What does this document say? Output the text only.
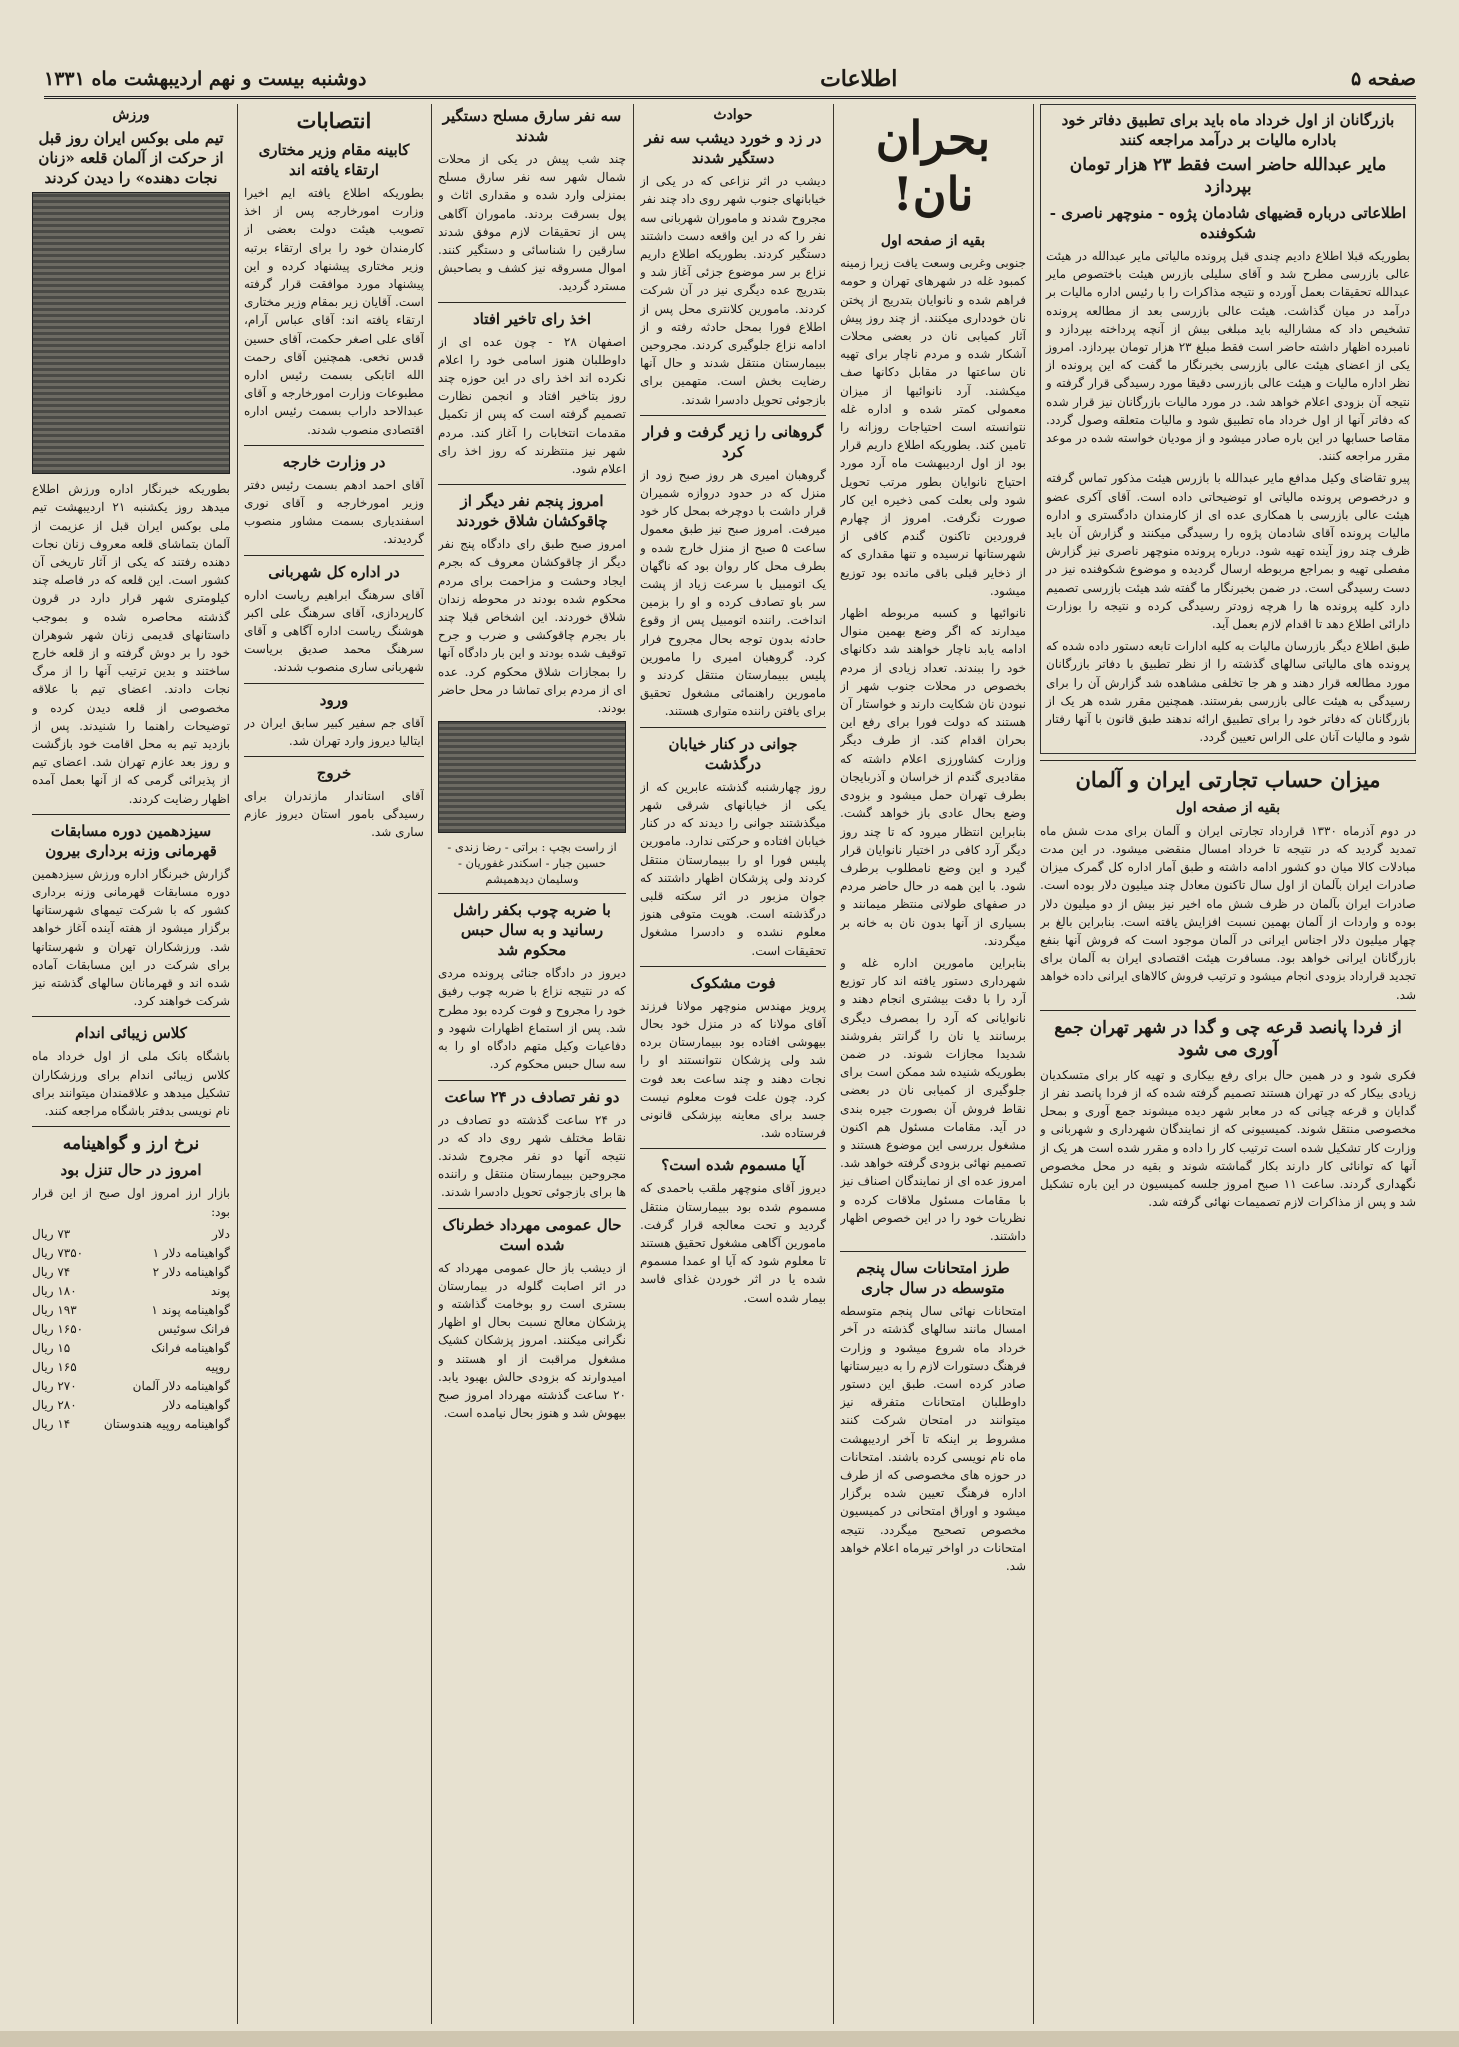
صفحه ۵
اطلاعات
دوشنبه بیست و نهم اردیبهشت ماه ۱۳۳۱
بازرگانان از اول خرداد ماه باید برای تطبیق دفاتر خود باداره مالیات بر درآمد مراجعه کنند
مایر عبدالله حاضر است فقط ۲۳ هزار تومان بپردازد
اطلاعاتی درباره قضیهای شادمان پژوه - منوچهر ناصری - شکوفنده

بطوریکه قبلا اطلاع دادیم چندی قبل پرونده مالیاتی مایر عبدالله در هیئت عالی بازرسی مطرح شد و آقای سلیلی بازرس هیئت باختصوص مایر عبدالله تحقیقات بعمل آورده و نتیجه مذاکرات را با رئیس اداره مالیات بر درآمد در میان گذاشت. هیئت عالی بازرسی بعد از مطالعه پرونده تشخیص داد که مشارالیه باید مبلغی بیش از آنچه پرداخته بپردازد و نامبرده اظهار داشته حاضر است فقط مبلغ ۲۳ هزار تومان بپردازد. امروز یکی از اعضای هیئت عالی بازرسی بخبرنگار ما گفت که این پرونده از نظر اداره مالیات و هیئت عالی بازرسی دقیقا مورد رسیدگی قرار گرفته و نتیجه آن بزودی اعلام خواهد شد. در مورد مالیات بازرگانان نیز قرار شده که دفاتر آنها از اول خرداد ماه تطبیق شود و مالیات متعلقه وصول گردد. مقاصا حسابها در این باره صادر میشود و از مودیان خواسته شده در موعد مقرر مراجعه کنند.

پیرو تقاضای وکیل مدافع مایر عبدالله با بازرس هیئت مذکور تماس گرفته و درخصوص پرونده مالیاتی او توضیحاتی داده است. آقای آکری عضو هیئت عالی بازرسی با همکاری عده ای از کارمندان دادگستری و اداره مالیات پرونده آقای شادمان پژوه را رسیدگی میکنند و گزارش آن باید ظرف چند روز آینده تهیه شود. درباره پرونده منوچهر ناصری نیز گزارش مفصلی تهیه و بمراجع مربوطه ارسال گردیده و موضوع شکوفنده نیز در دست رسیدگی است. در ضمن بخبرنگار ما گفته شد هیئت بازرسی تصمیم دارد کلیه پرونده ها را هرچه زودتر رسیدگی کرده و نتیجه را بوزارت دارائی اطلاع دهد تا اقدام لازم بعمل آید.

طبق اطلاع دیگر بازرسان مالیات به کلیه ادارات تابعه دستور داده شده که پرونده های مالیاتی سالهای گذشته را از نظر تطبیق با دفاتر بازرگانان مورد مطالعه قرار دهند و هر جا تخلفی مشاهده شد گزارش آن را برای رسیدگی به هیئت عالی بازرسی بفرستند. همچنین مقرر شده هر یک از بازرگانان که دفاتر خود را برای تطبیق ارائه ندهند طبق قانون با آنها رفتار شود و مالیات آنان علی الراس تعیین گردد.

میزان حساب تجارتی ایران و آلمان
بقیه از صفحه اول

در دوم آذرماه ۱۳۳۰ قرارداد تجارتی ایران و آلمان برای مدت شش ماه تمدید گردید که در نتیجه تا خرداد امسال منقضی میشود. در این مدت مبادلات کالا میان دو کشور ادامه داشته و طبق آمار اداره کل گمرک میزان صادرات ایران بآلمان از اول سال تاکنون معادل چند میلیون دلار بوده است. صادرات ایران بآلمان در ظرف شش ماه اخیر نیز بیش از دو میلیون دلار بوده و واردات از آلمان بهمین نسبت افزایش یافته است. بنابراین بالغ بر چهار میلیون دلار اجناس ایرانی در آلمان موجود است که فروش آنها بنفع بازرگانان ایرانی خواهد بود. مسافرت هیئت اقتصادی ایران به آلمان برای تجدید قرارداد بزودی انجام میشود و ترتیب فروش کالاهای ایرانی داده خواهد شد.

از فردا پانصد قرعه چی و گدا در شهر تهران جمع آوری می شود

فکری شود و در همین حال برای رفع بیکاری و تهیه کار برای متسکدیان زیادی بیکار که در تهران هستند تصمیم گرفته شده که از فردا پانصد نفر از گدایان و قرعه چیانی که در معابر شهر دیده میشوند جمع آوری و بمحل مخصوصی منتقل شوند. کمیسیونی که از نمایندگان شهرداری و شهربانی و وزارت کار تشکیل شده است ترتیب کار را داده و مقرر شده است هر یک از آنها که توانائی کار دارند بکار گماشته شوند و بقیه در محل مخصوص نگهداری گردند. ساعت ۱۱ صبح امروز جلسه کمیسیون در این باره تشکیل شد و پس از مذاکرات لازم تصمیمات نهائی گرفته شد.

بحران نان!
بقیه از صفحه اول

جنوبی وغربی وسعت یافت زیرا زمینه کمبود غله در شهرهای تهران و حومه فراهم شده و نانوایان بتدریج از پختن نان خودداری میکنند. از چند روز پیش آثار کمیابی نان در بعضی محلات آشکار شده و مردم ناچار برای تهیه نان ساعتها در مقابل دکانها صف میکشند. آرد نانوائیها از میزان معمولی کمتر شده و اداره غله نتوانسته است احتیاجات روزانه را تامین کند. بطوریکه اطلاع داریم قرار بود از اول اردیبهشت ماه آرد مورد احتیاج نانوایان بطور مرتب تحویل شود ولی بعلت کمی ذخیره این کار صورت نگرفت. امروز از چهارم فروردین تاکنون گندم کافی از شهرستانها نرسیده و تنها مقداری که از ذخایر قبلی باقی مانده بود توزیع میشود.

نانوائیها و کسبه مربوطه اظهار میدارند که اگر وضع بهمین منوال ادامه یابد ناچار خواهند شد دکانهای خود را ببندند. تعداد زیادی از مردم بخصوص در محلات جنوب شهر از نبودن نان شکایت دارند و خواستار آن هستند که دولت فورا برای رفع این بحران اقدام کند. از طرف دیگر وزارت کشاورزی اعلام داشته که مقادیری گندم از خراسان و آذربایجان بطرف تهران حمل میشود و بزودی وضع بحال عادی باز خواهد گشت. بنابراین انتظار میرود که تا چند روز دیگر آرد کافی در اختیار نانوایان قرار گیرد و این وضع نامطلوب برطرف شود. با این همه در حال حاضر مردم در صفهای طولانی منتظر میمانند و بسیاری از آنها بدون نان به خانه بر میگردند.

بنابراین مامورین اداره غله و شهرداری دستور یافته اند کار توزیع آرد را با دقت بیشتری انجام دهند و نانوایانی که آرد را بمصرف دیگری برسانند یا نان را گرانتر بفروشند شدیدا مجازات شوند. در ضمن بطوریکه شنیده شد ممکن است برای جلوگیری از کمیابی نان در بعضی نقاط فروش آن بصورت جیره بندی در آید. مقامات مسئول هم اکنون مشغول بررسی این موضوع هستند و تصمیم نهائی بزودی گرفته خواهد شد. امروز عده ای از نمایندگان اصناف نیز با مقامات مسئول ملاقات کرده و نظریات خود را در این خصوص اظهار داشتند.

طرز امتحانات سال پنجم متوسطه در سال جاری

امتحانات نهائی سال پنجم متوسطه امسال مانند سالهای گذشته در آخر خرداد ماه شروع میشود و وزارت فرهنگ دستورات لازم را به دبیرستانها صادر کرده است. طبق این دستور داوطلبان امتحانات متفرقه نیز میتوانند در امتحان شرکت کنند مشروط بر اینکه تا آخر اردیبهشت ماه نام نویسی کرده باشند. امتحانات در حوزه های مخصوصی که از طرف اداره فرهنگ تعیین شده برگزار میشود و اوراق امتحانی در کمیسیون مخصوص تصحیح میگردد. نتیجه امتحانات در اواخر تیرماه اعلام خواهد شد.

حوادث
در زد و خورد دیشب سه نفر دستگیر شدند

دیشب در اثر نزاعی که در یکی از خیابانهای جنوب شهر روی داد چند نفر مجروح شدند و ماموران شهربانی سه نفر را که در این واقعه دست داشتند دستگیر کردند. بطوریکه اطلاع داریم نزاع بر سر موضوع جزئی آغاز شد و بتدریج عده دیگری نیز در آن شرکت کردند. مامورین کلانتری محل پس از اطلاع فورا بمحل حادثه رفته و از ادامه نزاع جلوگیری کردند. مجروحین ببیمارستان منتقل شدند و حال آنها رضایت بخش است. متهمین برای بازجوئی تحویل دادسرا شدند.

گروهانی را زیر گرفت و فرار کرد

گروهبان امیری هر روز صبح زود از منزل که در حدود دروازه شمیران قرار داشت با دوچرخه بمحل کار خود میرفت. امروز صبح نیز طبق معمول ساعت ۵ صبح از منزل خارج شده و بطرف محل کار روان بود که ناگهان یک اتومبیل با سرعت زیاد از پشت سر باو تصادف کرده و او را بزمین انداخت. راننده اتومبیل پس از وقوع حادثه بدون توجه بحال مجروح فرار کرد. گروهبان امیری را مامورین پلیس ببیمارستان منتقل کردند و مامورین راهنمائی مشغول تحقیق برای یافتن راننده متواری هستند.

جوانی در کنار خیابان درگذشت

روز چهارشنبه گذشته عابرین که از یکی از خیابانهای شرقی شهر میگذشتند جوانی را دیدند که در کنار خیابان افتاده و حرکتی ندارد. مامورین پلیس فورا او را ببیمارستان منتقل کردند ولی پزشکان اظهار داشتند که جوان مزبور در اثر سکته قلبی درگذشته است. هویت متوفی هنوز معلوم نشده و دادسرا مشغول تحقیقات است.

فوت مشکوک

پرویز مهندس منوچهر مولانا فرزند آقای مولانا که در منزل خود بحال بیهوشی افتاده بود ببیمارستان برده شد ولی پزشکان نتوانستند او را نجات دهند و چند ساعت بعد فوت کرد. چون علت فوت معلوم نیست جسد برای معاینه بپزشکی قانونی فرستاده شد.

آیا مسموم شده است؟

دیروز آقای منوچهر ملقب باحمدی که مسموم شده بود ببیمارستان منتقل گردید و تحت معالجه قرار گرفت. مامورین آگاهی مشغول تحقیق هستند تا معلوم شود که آیا او عمدا مسموم شده یا در اثر خوردن غذای فاسد بیمار شده است.

سه نفر سارق مسلح دستگیر شدند

چند شب پیش در یکی از محلات شمال شهر سه نفر سارق مسلح بمنزلی وارد شده و مقداری اثاث و پول بسرقت بردند. ماموران آگاهی پس از تحقیقات لازم موفق شدند سارقین را شناسائی و دستگیر کنند. اموال مسروقه نیز کشف و بصاحبش مسترد گردید.

اخذ رای تاخیر افتاد

اصفهان ۲۸ - چون عده ای از داوطلبان هنوز اسامی خود را اعلام نکرده اند اخذ رای در این حوزه چند روز بتاخیر افتاد و انجمن نظارت تصمیم گرفته است که پس از تکمیل مقدمات انتخابات را آغاز کند. مردم شهر نیز منتظرند که روز اخذ رای اعلام شود.

امروز پنجم نفر دیگر از چاقوکشان شلاق خوردند

امروز صبح طبق رای دادگاه پنج نفر دیگر از چاقوکشان معروف که بجرم ایجاد وحشت و مزاحمت برای مردم محکوم شده بودند در محوطه زندان شلاق خوردند. این اشخاص قبلا چند بار بجرم چاقوکشی و ضرب و جرح توقیف شده بودند و این بار دادگاه آنها را بمجازات شلاق محکوم کرد. عده ای از مردم برای تماشا در محل حاضر بودند.

از راست بچپ : براتی - رضا زندی - حسین جبار - اسکندر غفوریان - وسلیمان دیدهمیشم
با ضربه چوب بکفر راشل رسانید و به سال حبس محکوم شد

دیروز در دادگاه جنائی پرونده مردی که در نتیجه نزاع با ضربه چوب رفیق خود را مجروح و فوت کرده بود مطرح شد. پس از استماع اظهارات شهود و دفاعیات وکیل متهم دادگاه او را به سه سال حبس محکوم کرد.

دو نفر تصادف در ۲۴ ساعت

در ۲۴ ساعت گذشته دو تصادف در نقاط مختلف شهر روی داد که در نتیجه آنها دو نفر مجروح شدند. مجروحین ببیمارستان منتقل و راننده ها برای بازجوئی تحویل دادسرا شدند.

حال عمومی مهرداد خطرناک شده است

از دیشب باز حال عمومی مهرداد که در اثر اصابت گلوله در بیمارستان بستری است رو بوخامت گذاشته و پزشکان معالج نسبت بحال او اظهار نگرانی میکنند. امروز پزشکان کشیک مشغول مراقبت از او هستند و امیدوارند که بزودی حالش بهبود یابد. ۲۰ ساعت گذشته مهرداد امروز صبح بیهوش شد و هنوز بحال نیامده است.

انتصابات
کابینه مقام وزیر مختاری ارتقاء یافته اند

بطوریکه اطلاع یافته ایم اخیرا وزارت امورخارجه پس از اخذ تصویب هیئت دولت بعضی از کارمندان خود را برای ارتقاء برتبه وزیر مختاری پیشنهاد کرده و این پیشنهاد مورد موافقت قرار گرفته است. آقایان زیر بمقام وزیر مختاری ارتقاء یافته اند: آقای عباس آرام، آقای علی اصغر حکمت، آقای حسین قدس نخعی. همچنین آقای رحمت الله اتابکی بسمت رئیس اداره مطبوعات وزارت امورخارجه و آقای عبدالاحد داراب بسمت رئیس اداره اقتصادی منصوب شدند.

در وزارت خارجه

آقای احمد ادهم بسمت رئیس دفتر وزیر امورخارجه و آقای نوری اسفندیاری بسمت مشاور منصوب گردیدند.

در اداره کل شهربانی

آقای سرهنگ ابراهیم ریاست اداره کارپردازی، آقای سرهنگ علی اکبر هوشنگ ریاست اداره آگاهی و آقای سرهنگ محمد صدیق بریاست شهربانی ساری منصوب شدند.

ورود

آقای جم سفیر کبیر سابق ایران در ایتالیا دیروز وارد تهران شد.

خروج

آقای استاندار مازندران برای رسیدگی بامور استان دیروز عازم ساری شد.

ورزش
تیم ملی بوکس ایران روز قبل از حرکت از آلمان قلعه «زنان نجات دهنده» را دیدن کردند

بطوریکه خبرنگار اداره ورزش اطلاع میدهد روز یکشنبه ۲۱ اردیبهشت تیم ملی بوکس ایران قبل از عزیمت از آلمان بتماشای قلعه معروف زنان نجات دهنده رفتند که یکی از آثار تاریخی آن کشور است. این قلعه که در فاصله چند کیلومتری شهر قرار دارد در قرون گذشته محاصره شده و بموجب داستانهای قدیمی زنان شهر شوهران خود را بر دوش گرفته و از قلعه خارج ساختند و بدین ترتیب آنها را از مرگ نجات دادند. اعضای تیم با علاقه مخصوصی از قلعه دیدن کرده و توضیحات راهنما را شنیدند. پس از بازدید تیم به محل اقامت خود بازگشت و روز بعد عازم تهران شد. اعضای تیم از پذیرائی گرمی که از آنها بعمل آمده اظهار رضایت کردند.

سیزدهمین دوره مسابقات قهرمانی وزنه برداری بیرون

گزارش خبرنگار اداره ورزش سیزدهمین دوره مسابقات قهرمانی وزنه برداری کشور که با شرکت تیمهای شهرستانها برگزار میشود از هفته آینده آغاز خواهد شد. ورزشکاران تهران و شهرستانها برای شرکت در این مسابقات آماده شده اند و قهرمانان سالهای گذشته نیز شرکت خواهند کرد.

کلاس زیبائی اندام

باشگاه بانک ملی از اول خرداد ماه کلاس زیبائی اندام برای ورزشکاران تشکیل میدهد و علاقمندان میتوانند برای نام نویسی بدفتر باشگاه مراجعه کنند.

نرخ ارز و گواهینامه
امروز در حال تنزل بود

بازار ارز امروز اول صبح از این قرار بود:

دلار
۷۳ ریال
گواهینامه دلار ۱
۷۳۵۰ ریال
گواهینامه دلار ۲
۷۴ ریال
پوند
۱۸۰ ریال
گواهینامه پوند ۱
۱۹۳ ریال
فرانک سوئیس
۱۶۵۰ ریال
گواهینامه فرانک
۱۵ ریال
روپیه
۱۶۵ ریال
گواهینامه دلار آلمان
۲۷۰ ریال
گواهینامه دلار
۲۸۰ ریال
گواهینامه روپیه هندوستان
۱۴ ریال
